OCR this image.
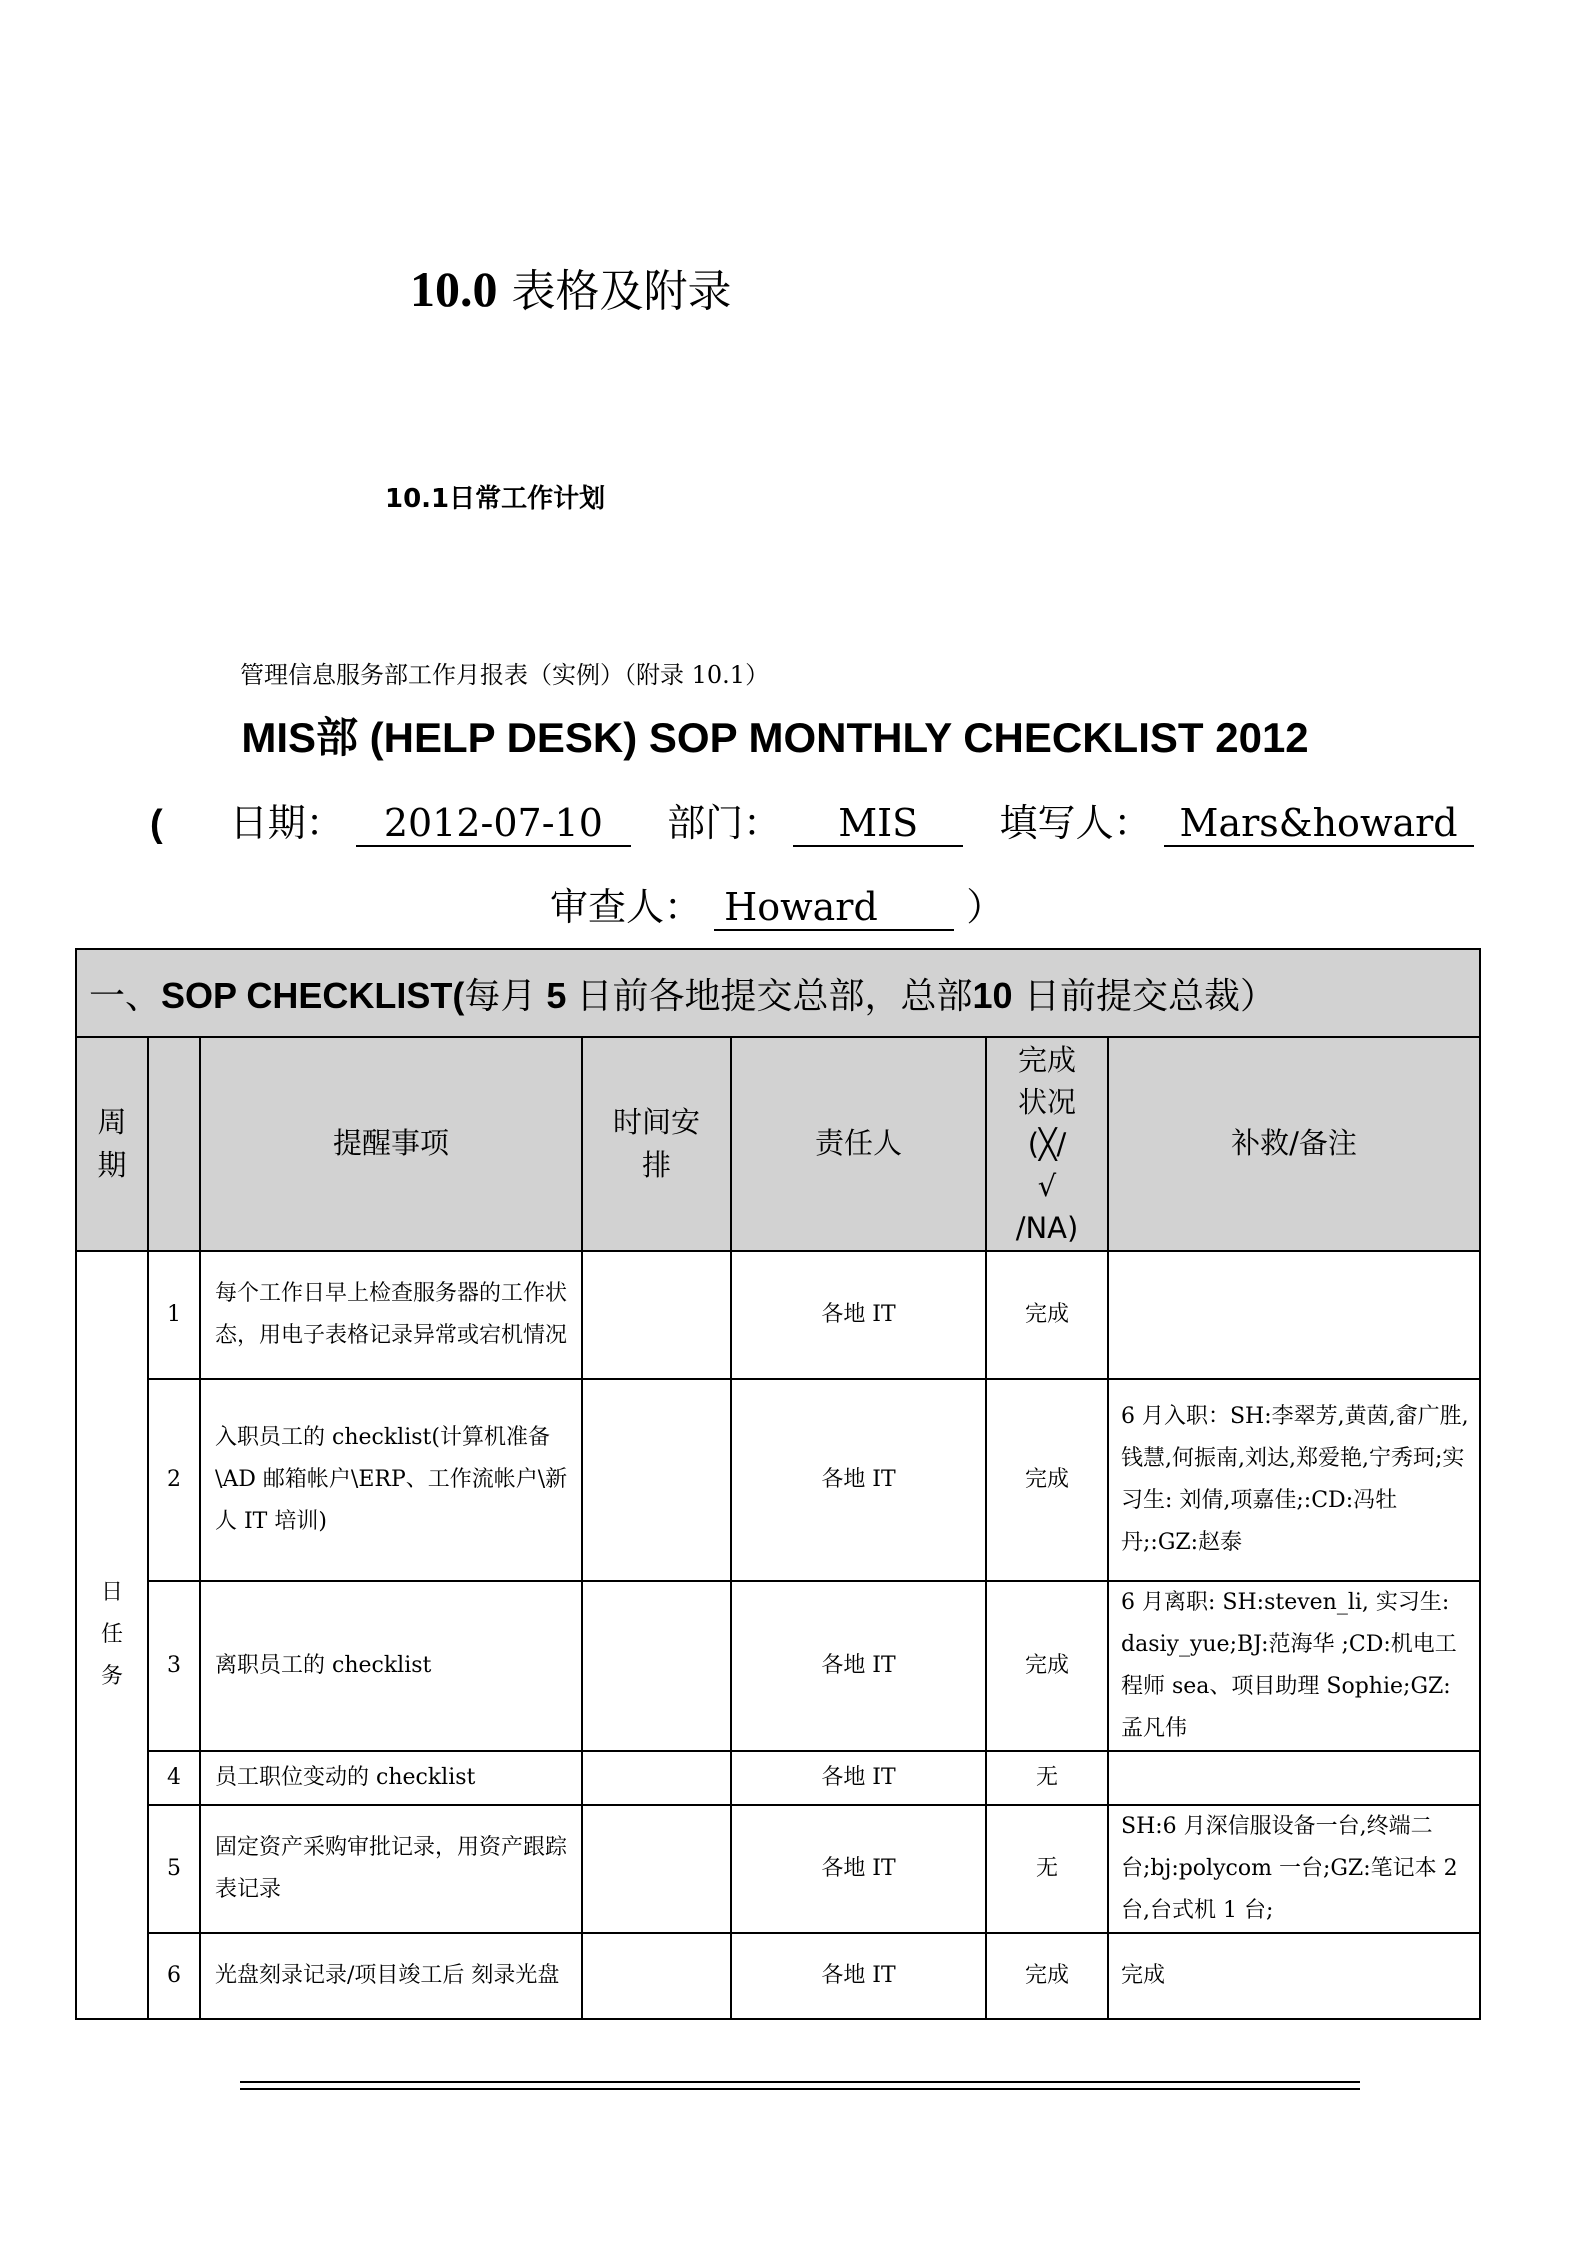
10.0 表格及附录
10.1日常工作计划
管理信息服务部工作月报表（实例）（附录 10.1）
MIS部 (HELP DESK) SOP MONTHLY CHECKLIST 2012
( 日期： 2012-07-10 部门： MIS 填写人： Mars&howard
审查人： Howard ）
一、SOP CHECKLIST(每月 5 日前各地提交总部，总部10 日前提交总裁）						
周
期		提醒事项	时间安
排	责任人	完成
状况
(╳/
√
/NA)	补救/备注
日
任
务	1	每个工作日早上检查服务器的工作状态，用电子表格记录异常或宕机情况		各地 IT	完成	
	2	入职员工的 checklist(计算机准备\AD 邮箱帐户\ERP、工作流帐户\新人 IT 培训)		各地 IT	完成	6 月入职：SH:李翠芳,黄茵,畲广胜,钱慧,何振南,刘达,郑爱艳,宁秀珂;实习生: 刘倩,项嘉佳;:CD:冯牡丹;:GZ:赵泰
	3	离职员工的 checklist		各地 IT	完成	6 月离职: SH:steven_li, 实习生: dasiy_yue;BJ:范海华 ;CD:机电工程师 sea、项目助理 Sophie;GZ:孟凡伟
	4	员工职位变动的 checklist		各地 IT	无	
	5	固定资产采购审批记录，用资产跟踪表记录		各地 IT	无	SH:6 月深信服设备一台,终端二台;bj:polycom 一台;GZ:笔记本 2 台,台式机 1 台;
	6	光盘刻录记录/项目竣工后 刻录光盘		各地 IT	完成	完成
